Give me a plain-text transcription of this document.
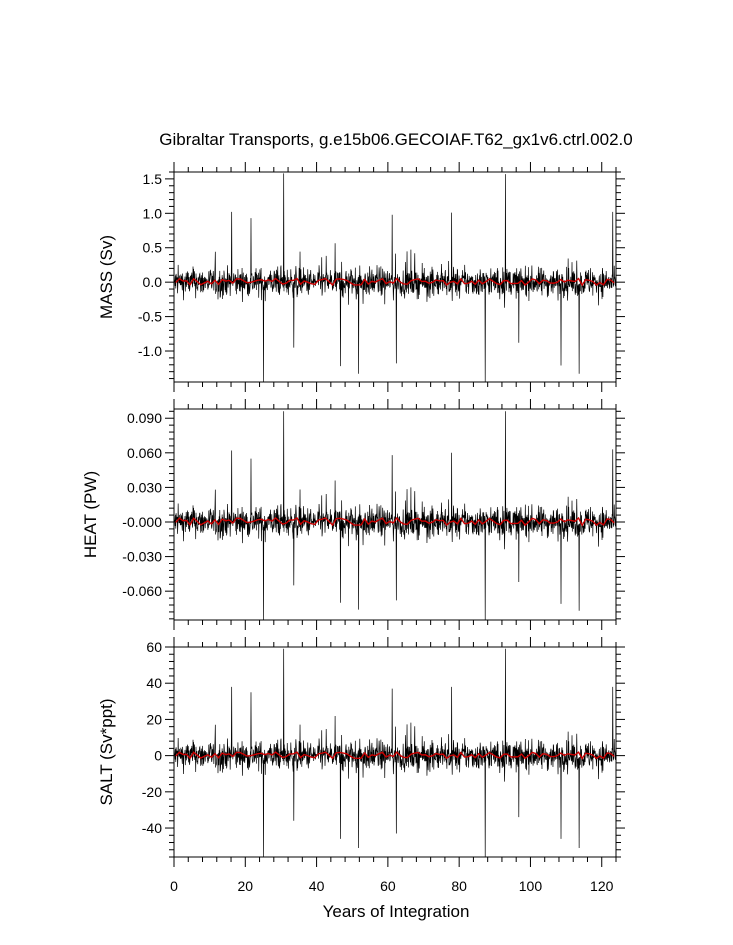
Gibraltar Transports, g.e15b06.GECOIAF.T62_gx1v6.ctrl.002.0
1.5
1.0
0.5
0.0
-0.5
-1.0
MASS (Sv)
0.090
0.060
0.030
-0.000
-0.030
-0.060
HEAT (PW)
60
40
20
0
-20
-40
SALT (Sv*ppt)
0	20	40	60	80	100	120
Years of Integration
